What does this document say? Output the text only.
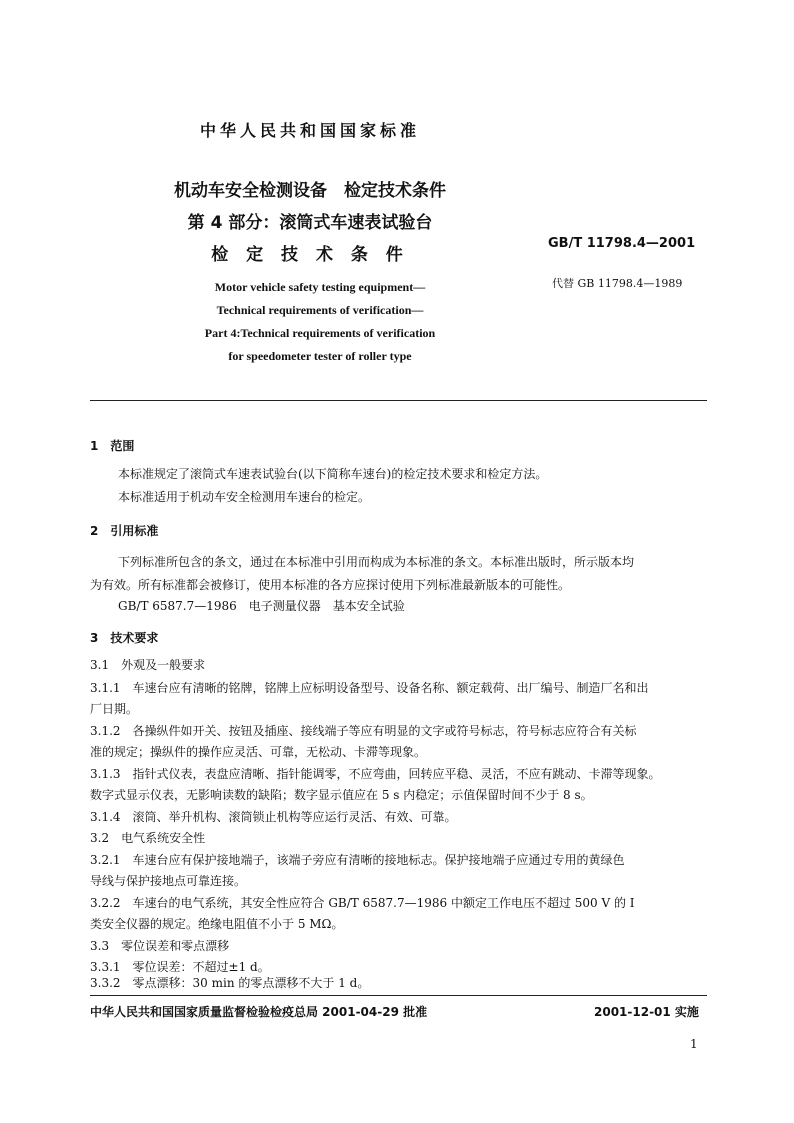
中华人民共和国国家标准
机动车安全检测设备　检定技术条件
第 4 部分：滚筒式车速表试验台
检 定 技 术 条 件
GB/T 11798.4—2001
代替 GB 11798.4—1989
Motor vehicle safety testing equipment—
Technical requirements of verification—
Part 4:Technical requirements of verification
for speedometer tester of roller type
1　范围
本标准规定了滚筒式车速表试验台(以下简称车速台)的检定技术要求和检定方法。
本标准适用于机动车安全检测用车速台的检定。
2　引用标准
下列标准所包含的条文，通过在本标准中引用而构成为本标准的条文。本标准出版时，所示版本均
为有效。所有标准都会被修订，使用本标准的各方应探讨使用下列标准最新版本的可能性。
GB/T 6587.7—1986　电子测量仪器　基本安全试验
3　技术要求
3.1　外观及一般要求
3.1.1　车速台应有清晰的铭牌，铭牌上应标明设备型号、设备名称、额定载荷、出厂编号、制造厂名和出
厂日期。
3.1.2　各操纵件如开关、按钮及插座、接线端子等应有明显的文字或符号标志，符号标志应符合有关标
准的规定；操纵件的操作应灵活、可靠，无松动、卡滞等现象。
3.1.3　指针式仪表，表盘应清晰、指针能调零，不应弯曲，回转应平稳、灵活，不应有跳动、卡滞等现象。
数字式显示仪表，无影响读数的缺陷；数字显示值应在 5 s 内稳定；示值保留时间不少于 8 s。
3.1.4　滚筒、举升机构、滚筒锁止机构等应运行灵活、有效、可靠。
3.2　电气系统安全性
3.2.1　车速台应有保护接地端子，该端子旁应有清晰的接地标志。保护接地端子应通过专用的黄绿色
导线与保护接地点可靠连接。
3.2.2　车速台的电气系统，其安全性应符合 GB/T 6587.7—1986 中额定工作电压不超过 500 V 的 I
类安全仪器的规定。绝缘电阻值不小于 5 MΩ。
3.3　零位误差和零点漂移
3.3.1　零位误差：不超过±1 d。
3.3.2　零点漂移：30 min 的零点漂移不大于 1 d。
中华人民共和国国家质量监督检验检疫总局 2001-04-29 批准	2001-12-01 实施
1
